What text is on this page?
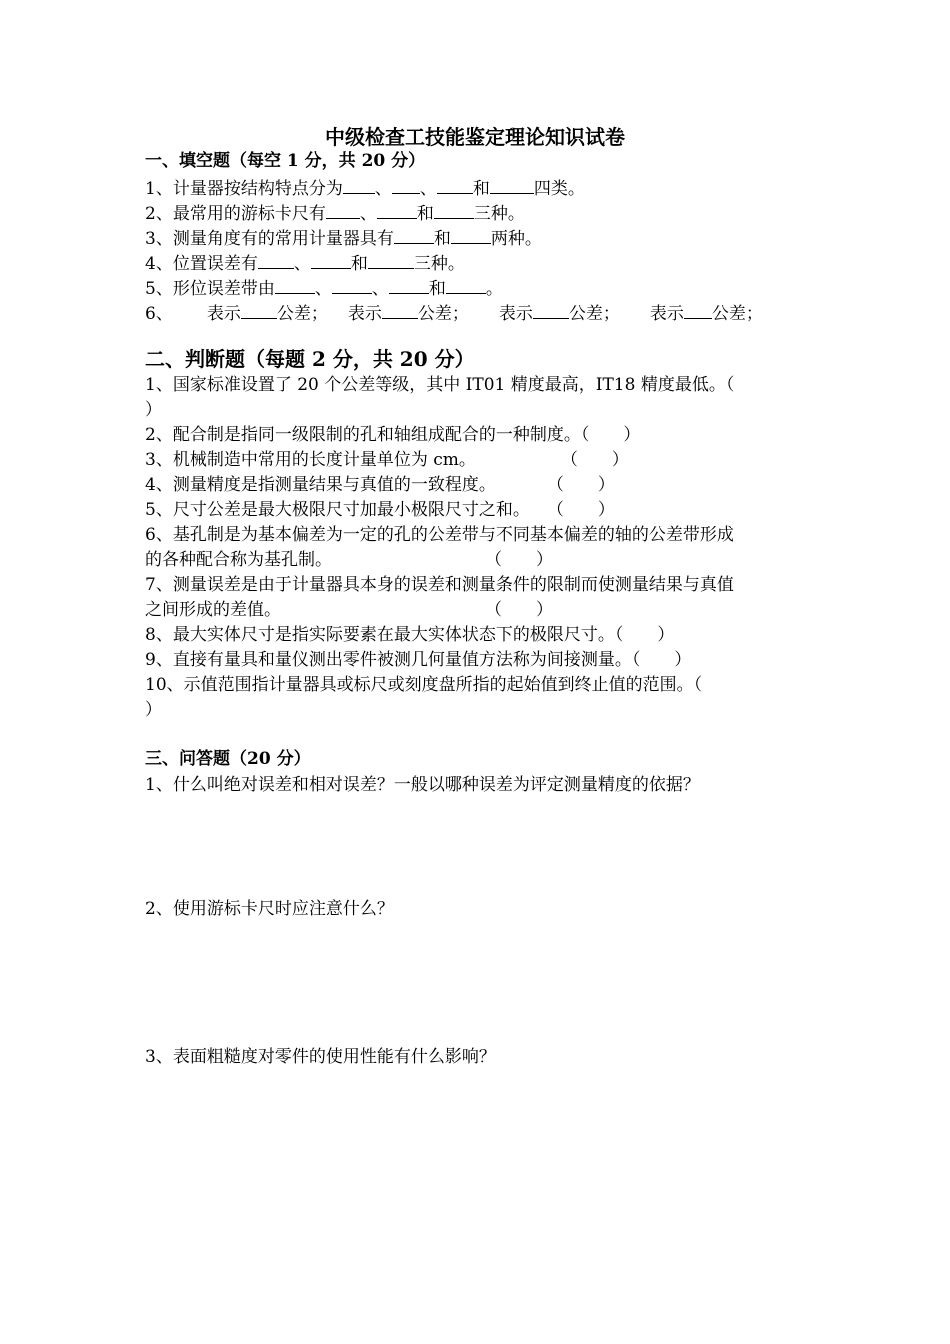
中级检查工技能鉴定理论知识试卷
一、填空题（每空 1 分，共 20 分）
1、计量器按结构特点分为 、 、 和	四类。
2、最常用的游标卡尺有 、 和 三种。
3、测量角度有的常用计量器具有 和 两种。
4、位置误差有 、 和	三种。
5、形位误差带由 、 、 和 。
6、 表示 公差； 表示 公差； 表示 公差； 表示 公差；
二、判断题（每题 2 分，共 20 分）
1、国家标准设置了 20 个公差等级，其中 IT01 精度最高，IT18 精度最低。（
）
2、配合制是指同一级限制的孔和轴组成配合的一种制度。（　　）
3、机械制造中常用的长度计量单位为 cm。　　　　　　（　　）
4、测量精度是指测量结果与真值的一致程度。　　　　（　　）
5、尺寸公差是最大极限尺寸加最小极限尺寸之和。　　（　　）
6、基孔制是为基本偏差为一定的孔的公差带与不同基本偏差的轴的公差带形成
的各种配合称为基孔制。　　　　　　　　　　（　　）
7、测量误差是由于计量器具本身的误差和测量条件的限制而使测量结果与真值
之间形成的差值。　　　　　　　　　　　　　（　　）
8、最大实体尺寸是指实际要素在最大实体状态下的极限尺寸。（　　）
9、直接有量具和量仪测出零件被测几何量值方法称为间接测量。（　　）
10、示值范围指计量器具或标尺或刻度盘所指的起始值到终止值的范围。（
）
三、问答题（20 分）
1、什么叫绝对误差和相对误差？一般以哪种误差为评定测量精度的依据？
2、使用游标卡尺时应注意什么？
3、表面粗糙度对零件的使用性能有什么影响？
